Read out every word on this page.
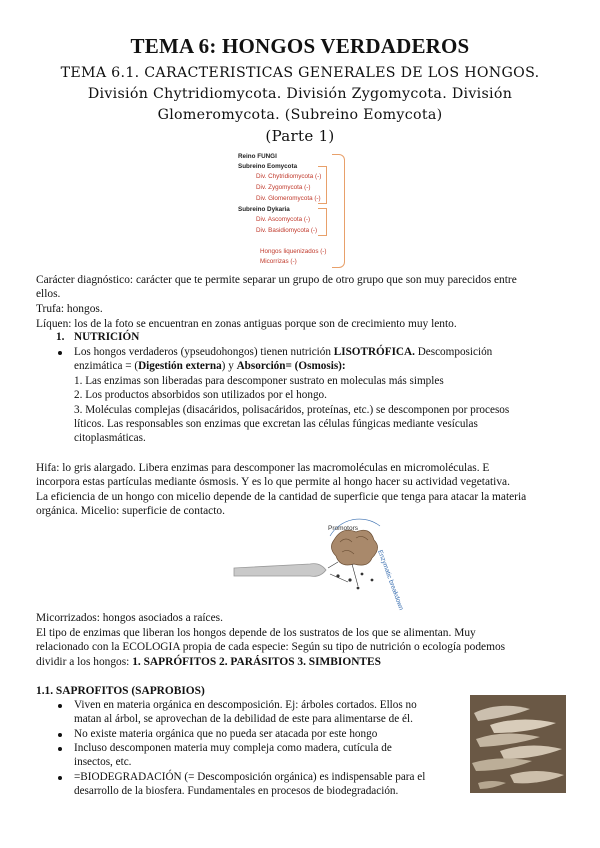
TEMA 6: HONGOS VERDADEROS
TEMA 6.1. CARACTERISTICAS GENERALES DE LOS HONGOS.
División Chytridiomycota. División Zygomycota. División
Glomeromycota. (Subreino Eomycota)
(Parte 1)
Reino FUNGI
Subreino Eomycota
Div. Chytridiomycota (-)
Div. Zygomycota (-)
Div. Glomeromycota (-)
Subreino Dykaria
Div. Ascomycota (-)
Div. Basidiomycota (-)
Hongos liquenizados (-)
Micorrizas (-)

Carácter diagnóstico: carácter que te permite separar un grupo de otro grupo que son muy parecidos entre

ellos.

Trufa: hongos.

Líquen: los de la foto se encuentran en zonas antiguas porque son de crecimiento muy lento.

1. NUTRICIÓN

Los hongos verdaderos (ypseudohongos) tienen nutrición LISOTRÓFICA. Descomposición

enzimática = (Digestión externa) y Absorción= (Osmosis):

1. Las enzimas son liberadas para descomponer sustrato en moleculas más simples

2. Los productos absorbidos son utilizados por el hongo.

3. Moléculas complejas (disacáridos, polisacáridos, proteínas, etc.) se descomponen por procesos

líticos. Las responsables son enzimas que excretan las células fúngicas mediante vesículas

citoplasmáticas.

Hifa: lo gris alargado. Libera enzimas para descomponer las macromoléculas en micromoléculas. E

incorpora estas partículas mediante ósmosis. Y es lo que permite al hongo hacer su actividad vegetativa.

La eficiencia de un hongo con micelio depende de la cantidad de superficie que tenga para atacar la materia

orgánica. Micelio: superficie de contacto.

Promotors
Enzymatic breakdown

Micorrizados: hongos asociados a raíces.

El tipo de enzimas que liberan los hongos depende de los sustratos de los que se alimentan. Muy

relacionado con la ECOLOGIA propia de cada especie: Según su tipo de nutrición o ecología podemos

dividir a los hongos: 1. SAPRÓFITOS 2. PARÁSITOS 3. SIMBIONTES

1.1. SAPROFITOS (SAPROBIOS)

Viven en materia orgánica en descomposición. Ej: árboles cortados. Ellos no

matan al árbol, se aprovechan de la debilidad de este para alimentarse de él.

No existe materia orgánica que no pueda ser atacada por este hongo

Incluso descomponen materia muy compleja como madera, cutícula de

insectos, etc.

=BIODEGRADACIÓN (= Descomposición orgánica) es indispensable para el

desarrollo de la biosfera. Fundamentales en procesos de biodegradación.
